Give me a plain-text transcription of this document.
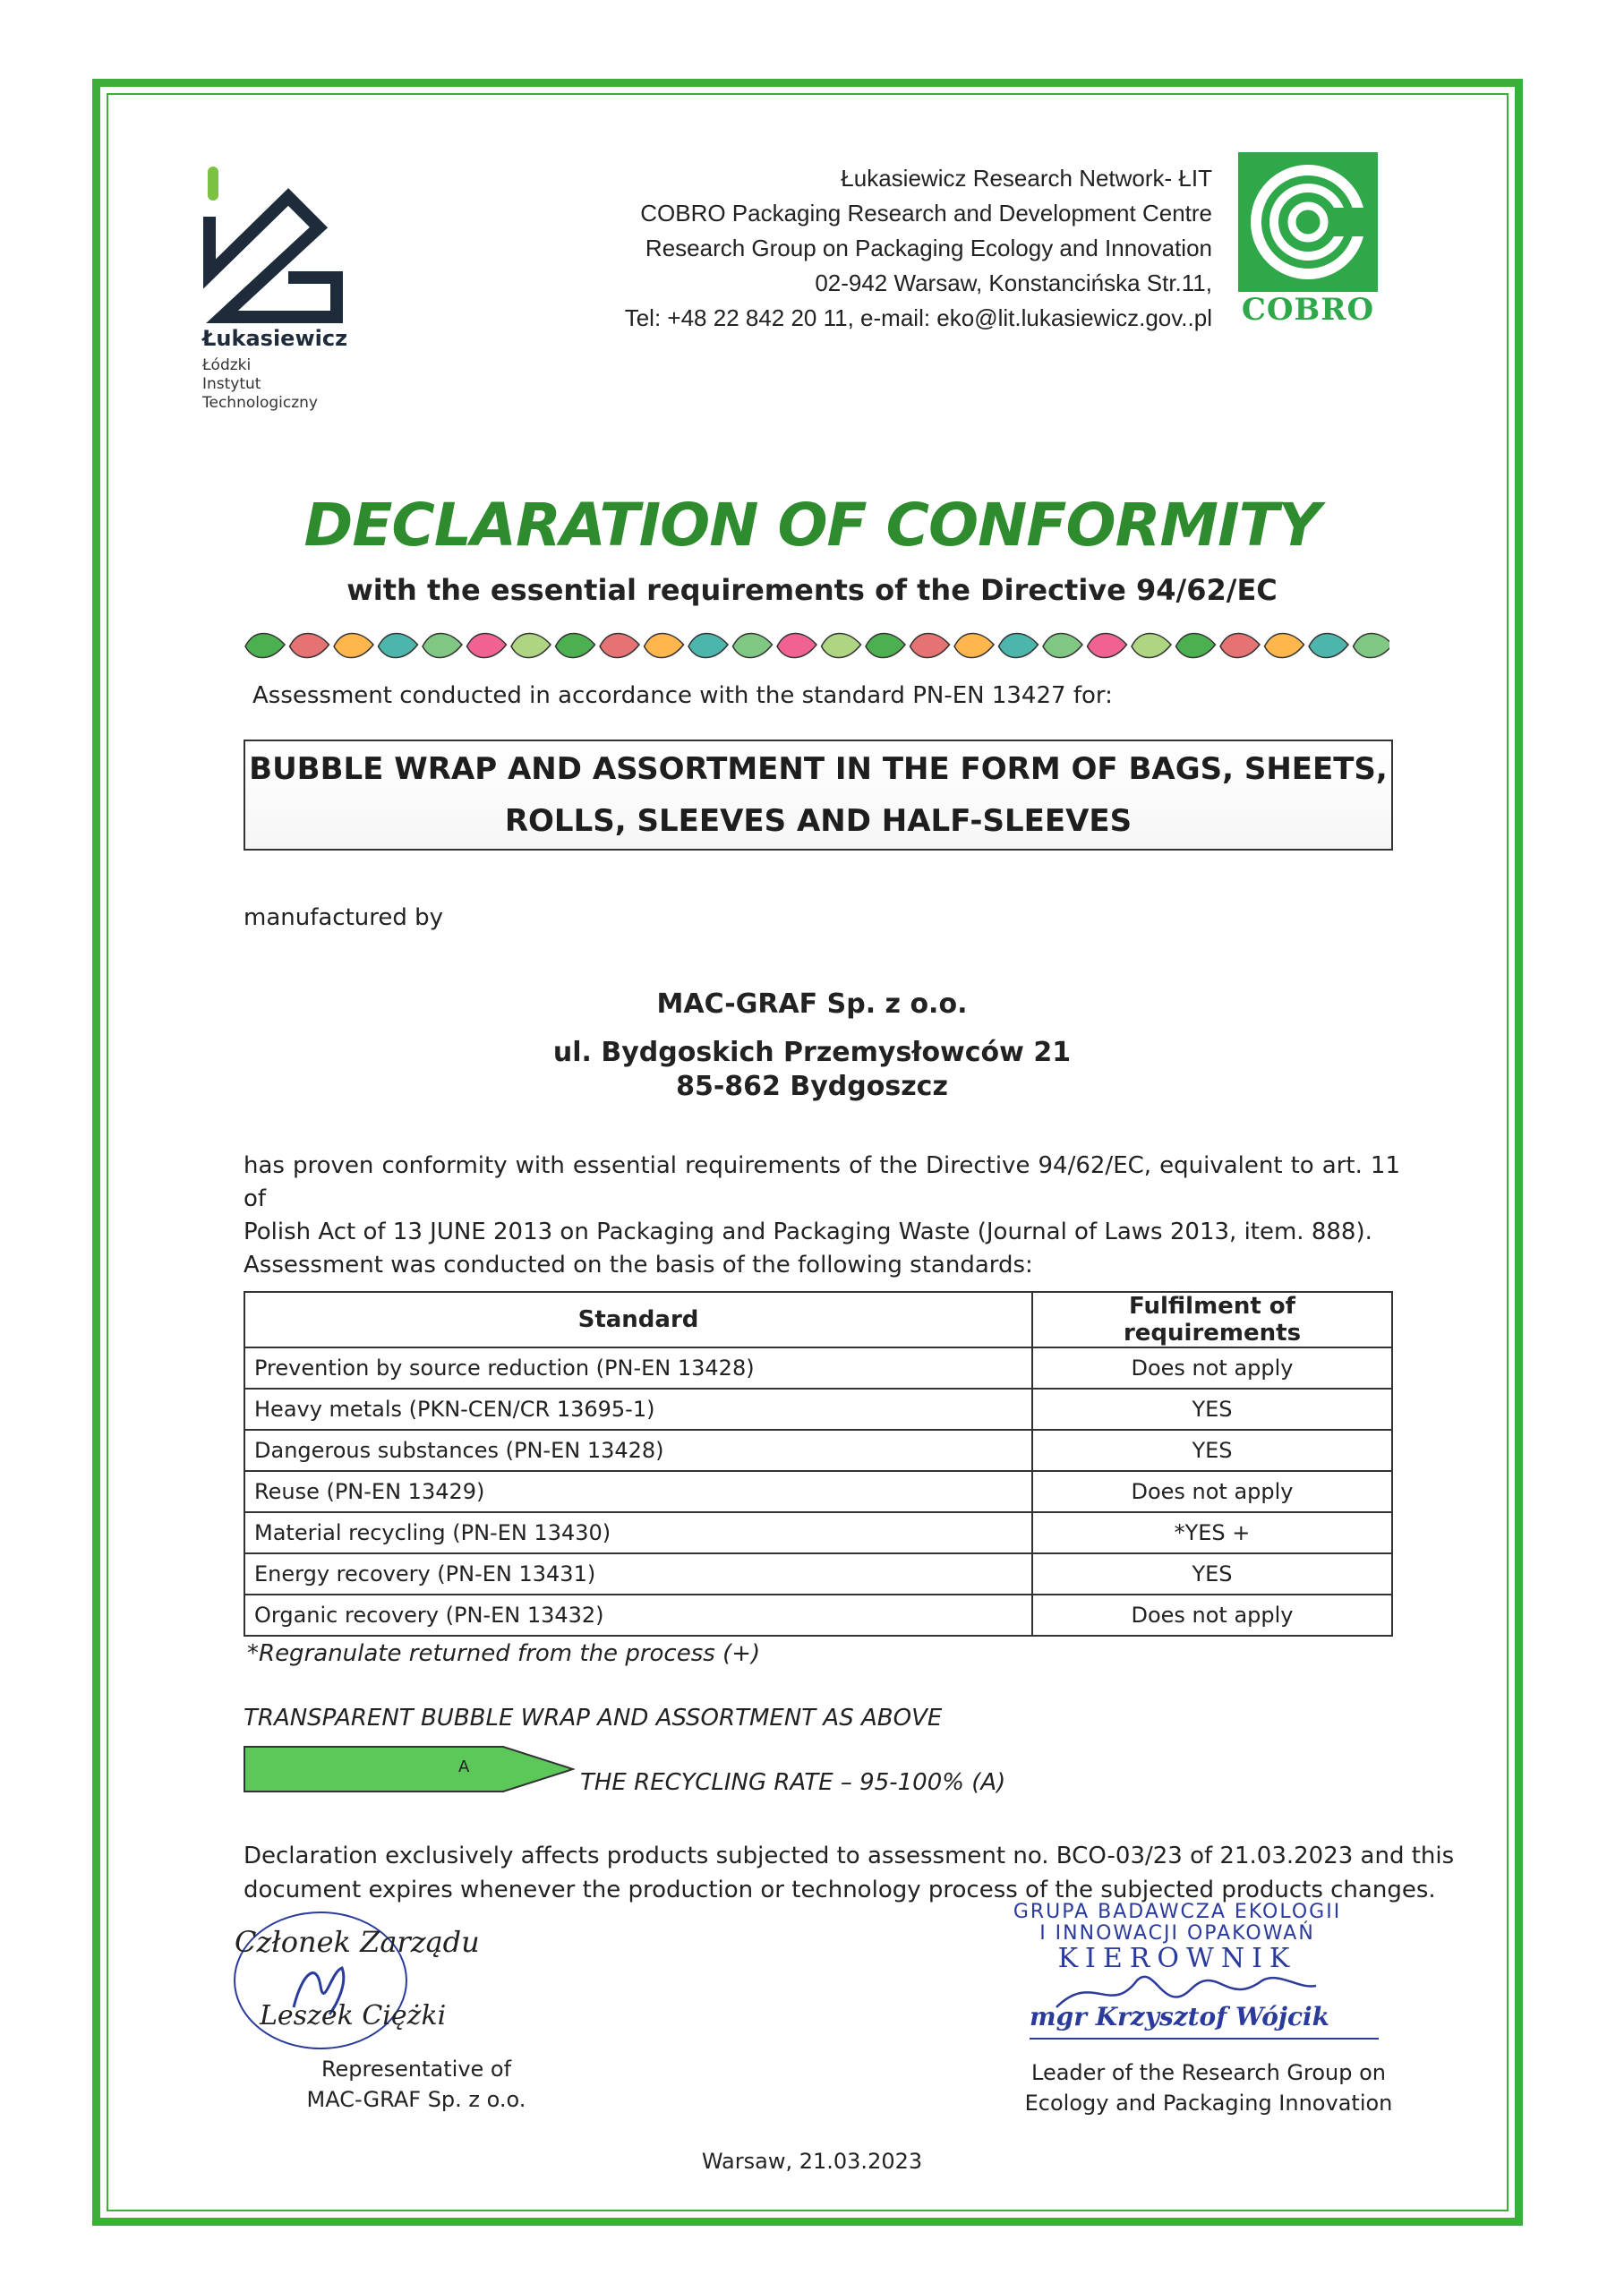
Łukasiewicz
Łódzki
Instytut
Technologiczny
Łukasiewicz Research Network- ŁIT
COBRO Packaging Research and Development Centre
Research Group on Packaging Ecology and Innovation
02-942 Warsaw, Konstancińska Str.11,
Tel: +48 22 842 20 11, e-mail: eko@lit.lukasiewicz.gov..pl COBRO
DECLARATION OF CONFORMITY
with the essential requirements of the Directive 94/62/EC
Assessment conducted in accordance with the standard PN-EN 13427 for:
BUBBLE WRAP AND ASSORTMENT IN THE FORM OF BAGS, SHEETS,
ROLLS, SLEEVES AND HALF-SLEEVES
manufactured by
MAC-GRAF Sp. z o.o.
ul. Bydgoskich Przemysłowców 21
85-862 Bydgoszcz
has proven conformity with essential requirements of the Directive 94/62/EC, equivalent to art. 11 of
Polish Act of 13 JUNE 2013 on Packaging and Packaging Waste (Journal of Laws 2013, item. 888).
Assessment was conducted on the basis of the following standards:
Standard	Fulfilment of requirements
Prevention by source reduction (PN-EN 13428)	Does not apply
Heavy metals (PKN-CEN/CR 13695-1)	YES
Dangerous substances (PN-EN 13428)	YES
Reuse (PN-EN 13429)	Does not apply
Material recycling (PN-EN 13430)	*YES +
Energy recovery (PN-EN 13431)	YES
Organic recovery (PN-EN 13432)	Does not apply
*Regranulate returned from the process (+)
TRANSPARENT BUBBLE WRAP AND ASSORTMENT AS ABOVE
A
THE RECYCLING RATE – 95-100% (A)
Declaration exclusively affects products subjected to assessment no. BCO-03/23 of 21.03.2023 and this
document expires whenever the production or technology process of the subjected products changes.
Członek Zarządu
Leszek Ciężki
Representative of
MAC-GRAF Sp. z o.o.
GRUPA BADAWCZA EKOLOGII
I INNOWACJI OPAKOWAŃ
KIEROWNIK
mgr Krzysztof Wójcik
Leader of the Research Group on
Ecology and Packaging Innovation
Warsaw, 21.03.2023
